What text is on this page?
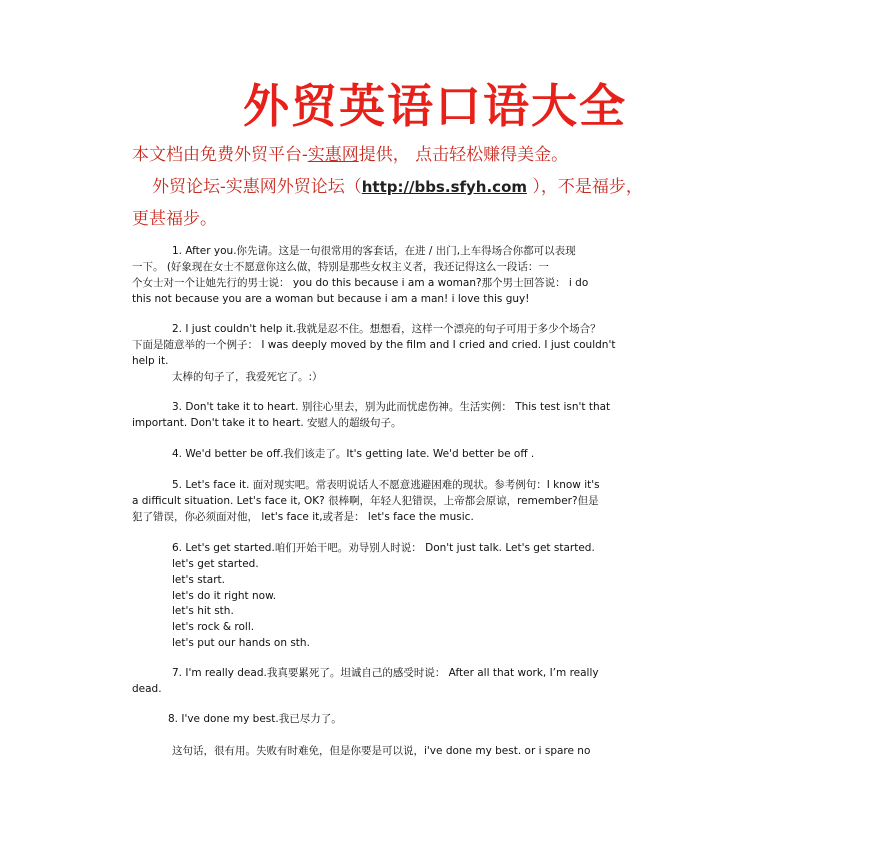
外贸英语口语大全
本文档由免费外贸平台-实惠网提供， 点击轻松赚得美金。
外贸论坛-实惠网外贸论坛（http://bbs.sfyh.com ），不是福步，
更甚福步。
1. After you.你先请。这是一句很常用的客套话，在进 / 出门,上车得场合你都可以表现
一下。 (好象现在女士不愿意你这么做，特别是那些女权主义者，我还记得这么一段话：一
个女士对一个让她先行的男士说： you do this because i am a woman?那个男士回答说： i do
this not because you are a woman but because i am a man! i love this guy!
2. I just couldn't help it.我就是忍不住。想想看，这样一个漂亮的句子可用于多少个场合？
下面是随意举的一个例子： I was deeply moved by the film and I cried and cried. I just couldn't
help it.
太棒的句子了，我爱死它了。:）
3. Don't take it to heart. 别往心里去，别为此而忧虑伤神。生活实例： This test isn't that
important. Don't take it to heart. 安慰人的超级句子。
4. We'd better be off.我们该走了。It's getting late. We'd better be off .
5. Let's face it. 面对现实吧。常表明说话人不愿意逃避困难的现状。参考例句：I know it's
a difficult situation. Let's face it, OK? 很棒啊，年轻人犯错误，上帝都会原谅，remember?但是
犯了错误，你必须面对他， let's face it,或者是： let's face the music.
6. Let's get started.咱们开始干吧。劝导别人时说： Don't just talk. Let's get started.
let's get started.
let's start.
let's do it right now.
let's hit sth.
let's rock & roll.
let's put our hands on sth.
7. I'm really dead.我真要累死了。坦诚自己的感受时说： After all that work, I’m really
dead.
8. I've done my best.我已尽力了。
这句话，很有用。失败有时难免，但是你要是可以说，i've done my best. or i spare no
